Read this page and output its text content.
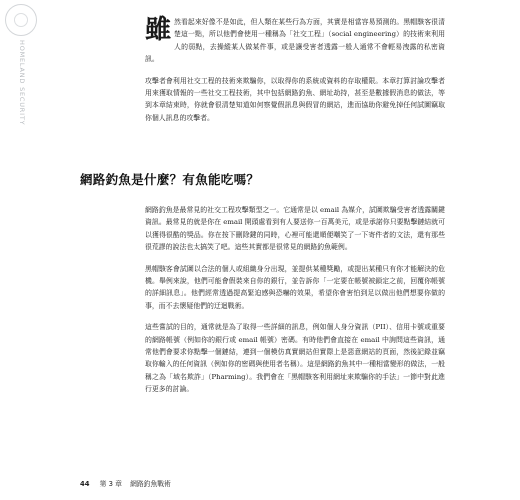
HOMELAND SECURITY

雖 然看起來好像不是如此，但人類在某些行為方面，其實是相當容易預測的。黑帽駭客很清楚這一點，所以他們會使用一種稱為「社交工程」（social engineering）的技術來利用人的弱點，去操縱某人做某件事，或是讓受害者透露一般人通常不會輕易洩露的私密資訊。

攻擊者會利用社交工程的技術來欺騙你，以取得你的系統或資料的存取權限。本章打算討論攻擊者用來獲取情報的一些社交工程技術，其中包括網路釣魚、網址劫持，甚至是數據假消息的做法，等到本章結束時，你就會很清楚知道如何察覺假訊息與假冒的網站，進而協助你避免掉任何試圖竊取你個人訊息的攻擊者。

網路釣魚是什麼？有魚能吃嗎？

網路釣魚是最常見的社交工程攻擊類型之一。它通常是以 email 為媒介，試圖欺騙受害者透露關鍵資訊。最常見的就是你在 email 開頭處看到有人要送你一百萬美元，或是承諾你只要點擊鏈結就可以獲得很酷的獎品。你在按下刪除鍵的同時，心裡可能還順便嘲笑了一下寄件者的文法，還有那些很荒謬的說法也太搞笑了吧。這些其實都是很常見的網路釣魚範例。

黑帽駭客會試圖以合法的個人或組織身分出現，並提供某種獎勵，或提出某種只有你才能解決的危機。舉例來說，他們可能會假裝來自你的銀行，並告訴你「一定要在帳號被鎖定之前，回覆你帳號的詳細訊息」。他們經常透過提高緊迫感與恐嚇的效果，希望你會害怕到足以做出他們想要你做的事，而不去懷疑他們的迂迴戰術。

這些嘗試的目的，通常就是為了取得一些詳細的訊息，例如個人身分資訊（PII）、信用卡號或重要的網路帳號（例如你的銀行或 email 帳號）密碼。有時他們會直接在 email 中詢問這些資訊，通常他們會要求你點擊一個鏈結，連到一個模仿真實網站但實際上是惡意網站的頁面，然後記錄並竊取你輸入的任何資訊（例如你的密碼與使用者名稱）。這是網路釣魚其中一種相當變形的做法，一般稱之為「域名欺詐」（Pharming）。我們會在「黑帽駭客利用網址來欺騙你的手法」一節中對此進行更多的討論。

44 第 3 章 網路釣魚戰術
